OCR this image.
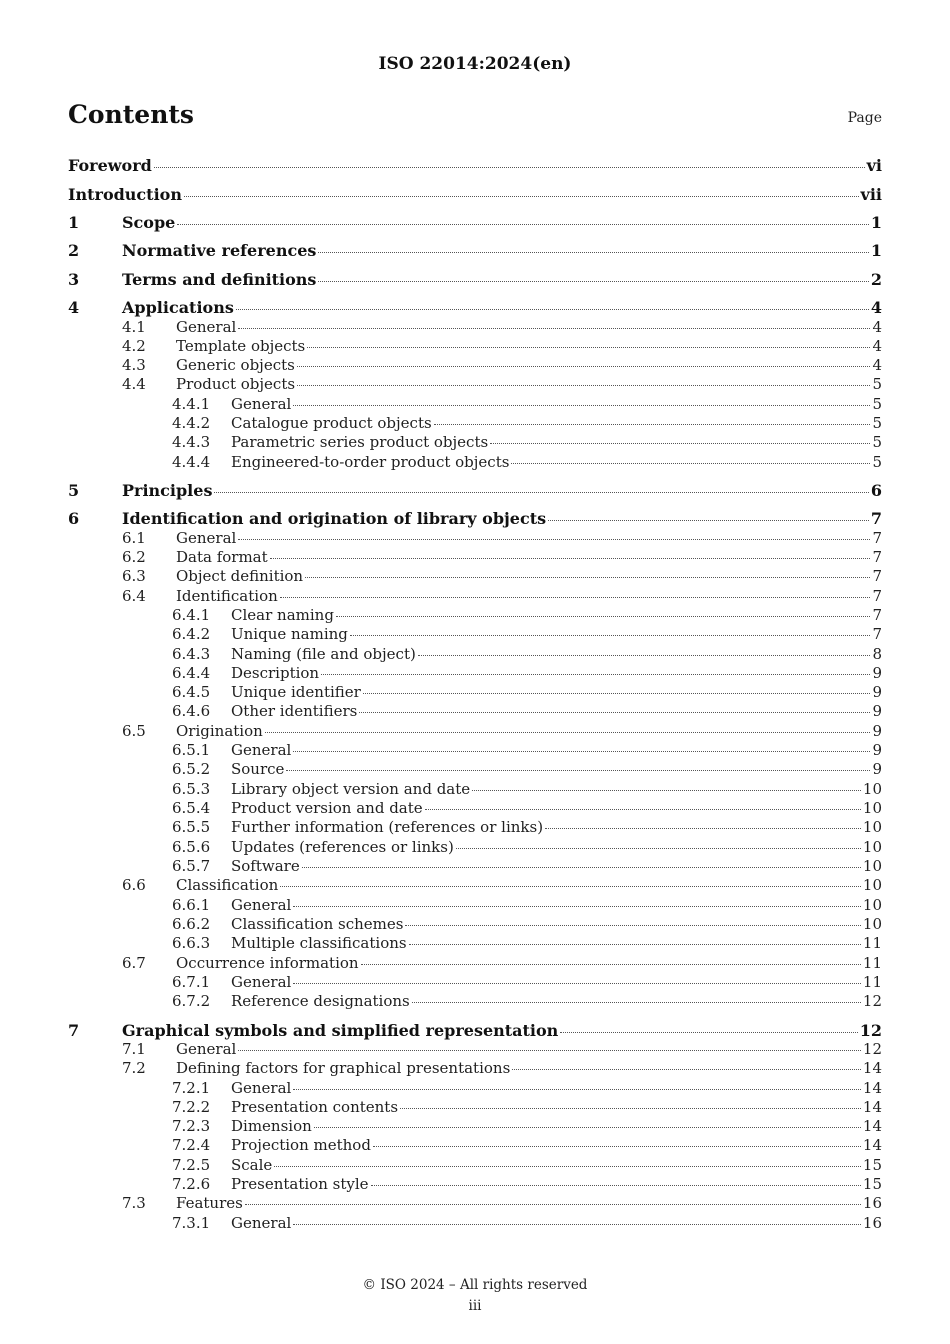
ISO 22014:2024(en)
Contents	Page
Foreword	vi
Introduction	vii
1	Scope	1
2	Normative references	1
3	Terms and definitions	2
4	Applications	4
4.1	General	4
4.2	Template objects	4
4.3	Generic objects	4
4.4	Product objects	5
4.4.1	General	5
4.4.2	Catalogue product objects	5
4.4.3	Parametric series product objects	5
4.4.4	Engineered-to-order product objects	5
5	Principles	6
6	Identification and origination of library objects	7
6.1	General	7
6.2	Data format	7
6.3	Object definition	7
6.4	Identification	7
6.4.1	Clear naming	7
6.4.2	Unique naming	7
6.4.3	Naming (file and object)	8
6.4.4	Description	9
6.4.5	Unique identifier	9
6.4.6	Other identifiers	9
6.5	Origination	9
6.5.1	General	9
6.5.2	Source	9
6.5.3	Library object version and date	10
6.5.4	Product version and date	10
6.5.5	Further information (references or links)	10
6.5.6	Updates (references or links)	10
6.5.7	Software	10
6.6	Classification	10
6.6.1	General	10
6.6.2	Classification schemes	10
6.6.3	Multiple classifications	11
6.7	Occurrence information	11
6.7.1	General	11
6.7.2	Reference designations	12
7	Graphical symbols and simplified representation	12
7.1	General	12
7.2	Defining factors for graphical presentations	14
7.2.1	General	14
7.2.2	Presentation contents	14
7.2.3	Dimension	14
7.2.4	Projection method	14
7.2.5	Scale	15
7.2.6	Presentation style	15
7.3	Features	16
7.3.1	General	16
© ISO 2024 – All rights reserved
iii
